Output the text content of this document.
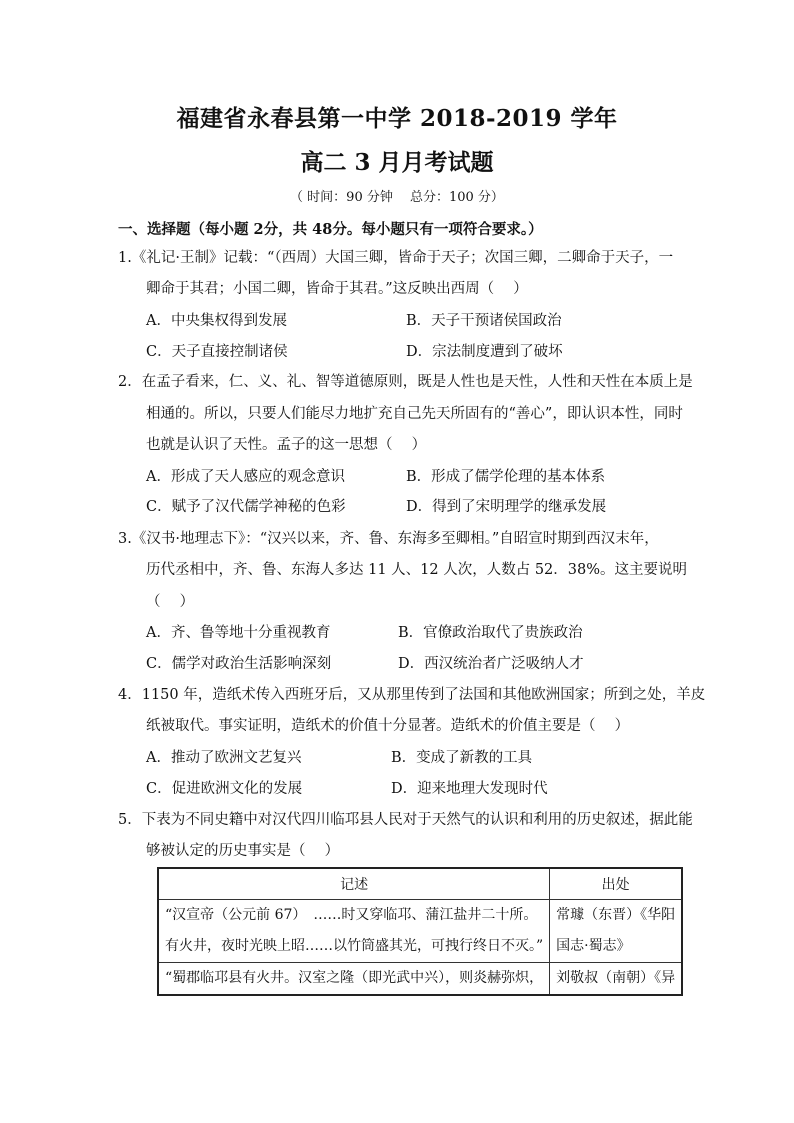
福建省永春县第一中学 2018-2019 学年
高二 3 月月考试题
（ 时间：90 分钟　 总分：100 分）
一、选择题（每小题 2分，共 48分。每小题只有一项符合要求。）
1.《礼记·王制》记载：“（西周）大国三卿，皆命于天子；次国三卿，二卿命于天子，一
卿命于其君；小国二卿，皆命于其君。”这反映出西周（　 ）
A．中央集权得到发展	B．天子干预诸侯国政治
C．天子直接控制诸侯	D．宗法制度遭到了破坏
2．在孟子看来，仁、义、礼、智等道德原则，既是人性也是天性，人性和天性在本质上是
相通的。所以，只要人们能尽力地扩充自己先天所固有的“善心”，即认识本性，同时
也就是认识了天性。孟子的这一思想（　 ）
A．形成了天人感应的观念意识	B．形成了儒学伦理的基本体系
C．赋予了汉代儒学神秘的色彩	D．得到了宋明理学的继承发展
3.《汉书·地理志下》：“汉兴以来，齐、鲁、东海多至卿相。”自昭宣时期到西汉末年，
历代丞相中，齐、鲁、东海人多达 11 人、12 人次，人数占 52．38%。这主要说明
（　 ）
A．齐、鲁等地十分重视教育	B．官僚政治取代了贵族政治
C．儒学对政治生活影响深刻	D．西汉统治者广泛吸纳人才
4．1150 年，造纸术传入西班牙后，又从那里传到了法国和其他欧洲国家；所到之处，羊皮
纸被取代。事实证明，造纸术的价值十分显著。造纸术的价值主要是（　 ）
A．推动了欧洲文艺复兴	B．变成了新教的工具
C．促进欧洲文化的发展	D．迎来地理大发现时代
5．下表为不同史籍中对汉代四川临邛县人民对于天然气的认识和利用的历史叙述，据此能
够被认定的历史事实是（　 ）
记述	出处

“汉宣帝（公元前 67）　……时又穿临邛、蒲江盐井二十所。
有火井，夜时光映上昭……以竹筒盛其光，可拽行终日不灭。”	常璩（东晋）《华阳
国志·蜀志》

“蜀郡临邛县有火井。汉室之隆（即光武中兴），则炎赫弥炽，	刘敬叔（南朝）《异
